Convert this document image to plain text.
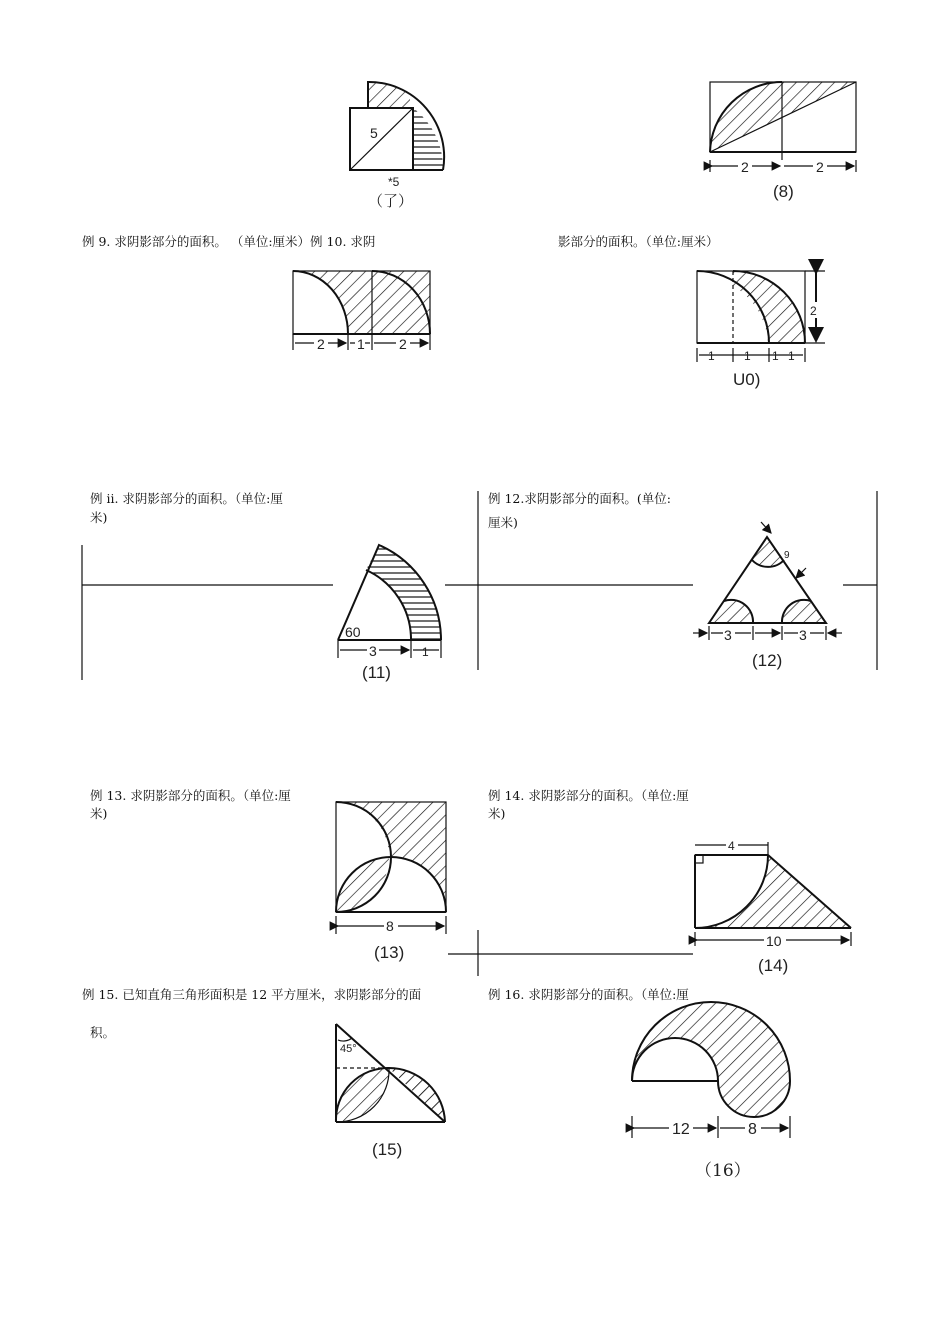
例 9. 求阴影部分的面积。 （单位:厘米）例 10. 求阴	影部分的面积。（单位:厘米）
例 ii. 求阴影部分的面积。（单位:厘
米)
例 12.求阴影部分的面积。(单位:
厘米)
例 13. 求阴影部分的面积。（单位:厘
米)
例 14. 求阴影部分的面积。（单位:厘
米)
例 15. 已知直角三角形面积是 12 平方厘米，求阴影部分的面
积。
例 16. 求阴影部分的面积。（单位:厘
（了）
(8)
U0)
(11)
(12)
(13)
(14)
(15)
（16）
5
*5
2	2
2 1 2
1 1 1 1
2
60
3	1
9
3	3
8
4
10
45°
12	8
